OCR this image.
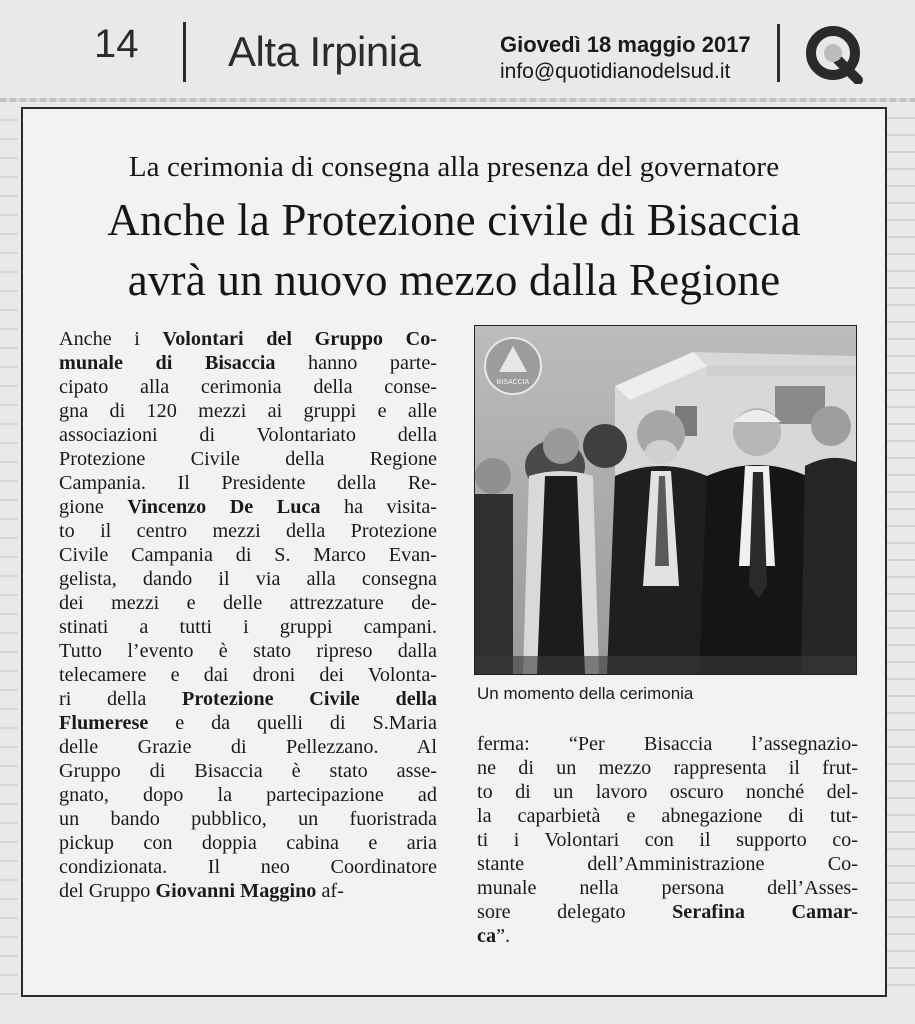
14 Alta Irpinia	Giovedì 18 maggio 2017
info@quotidianodelsud.it
La cerimonia di consegna alla presenza del governatore
Anche la Protezione civile di Bisaccia
avrà un nuovo mezzo dalla Regione

Anche i Volontari del Gruppo Co-

munale di Bisaccia hanno parte-

cipato alla cerimonia della conse-

gna di 120 mezzi ai gruppi e alle

associazioni di Volontariato della

Protezione Civile della Regione

Campania. Il Presidente della Re-

gione Vincenzo De Luca ha visita-

to il centro mezzi della Protezione

Civile Campania di S. Marco Evan-

gelista, dando il via alla consegna

dei mezzi e delle attrezzature de-

stinati a tutti i gruppi campani.

Tutto l’evento è stato ripreso dalla

telecamere e dai droni dei Volonta-

ri della Protezione Civile della

Flumerese e da quelli di S.Maria

delle Grazie di Pellezzano. Al

Gruppo di Bisaccia è stato asse-

gnato, dopo la partecipazione ad

un bando pubblico, un fuoristrada

pickup con doppia cabina e aria

condizionata. Il neo Coordinatore

del Gruppo Giovanni Maggino af-

BISACCIA
Un momento della cerimonia

ferma: “Per Bisaccia l’assegnazio-

ne di un mezzo rappresenta il frut-

to di un lavoro oscuro nonché del-

la caparbietà e abnegazione di tut-

ti i Volontari con il supporto co-

stante dell’Amministrazione Co-

munale nella persona dell’Asses-

sore delegato Serafina Camar-

ca”.
